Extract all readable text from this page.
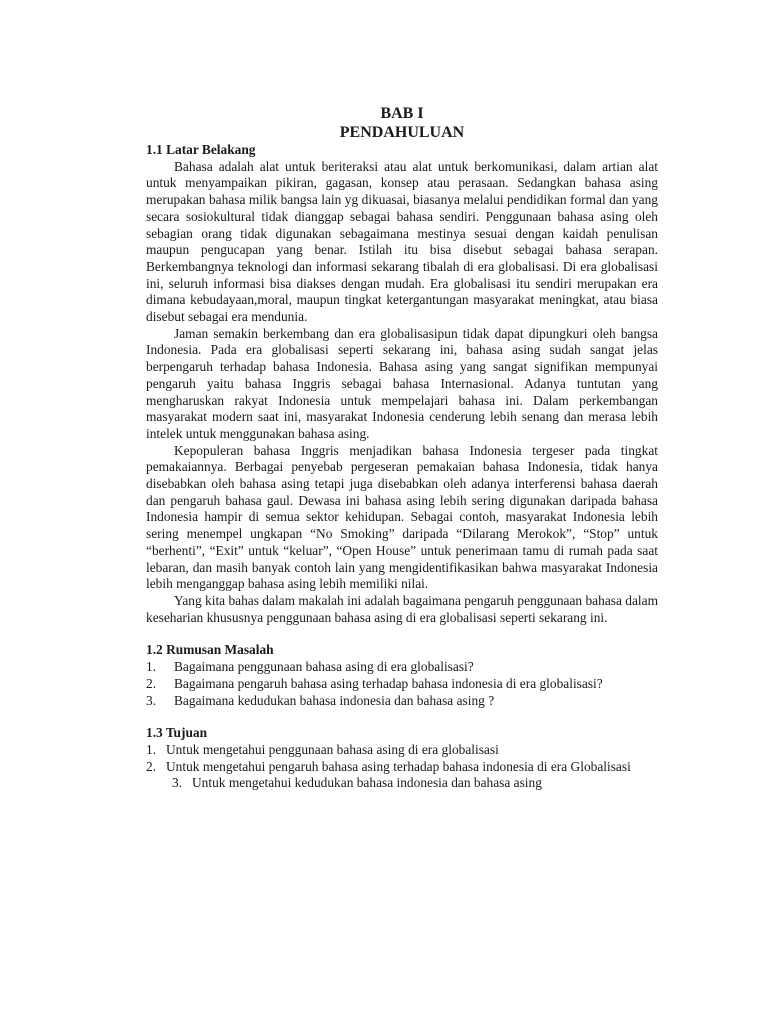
BAB I

PENDAHULUAN

1.1 Latar Belakang

Bahasa adalah alat untuk beriteraksi atau alat untuk berkomunikasi, dalam artian alat untuk menyampaikan pikiran, gagasan, konsep atau perasaan. Sedangkan bahasa asing merupakan bahasa milik bangsa lain yg dikuasai, biasanya melalui pendidikan formal dan yang secara sosiokultural tidak dianggap sebagai bahasa sendiri. Penggunaan bahasa asing oleh sebagian orang tidak digunakan sebagaimana mestinya sesuai dengan kaidah penulisan maupun pengucapan yang benar. Istilah itu bisa disebut sebagai bahasa serapan. Berkembangnya teknologi dan informasi sekarang tibalah di era globalisasi. Di era globalisasi ini, seluruh informasi bisa diakses dengan mudah. Era globalisasi itu sendiri merupakan era dimana kebudayaan,moral, maupun tingkat ketergantungan masyarakat meningkat, atau biasa disebut sebagai era mendunia.

Jaman semakin berkembang dan era globalisasipun tidak dapat dipungkuri oleh bangsa Indonesia. Pada era globalisasi seperti sekarang ini, bahasa asing sudah sangat jelas berpengaruh terhadap bahasa Indonesia. Bahasa asing yang sangat signifikan mempunyai pengaruh yaitu bahasa Inggris sebagai bahasa Internasional. Adanya tuntutan yang mengharuskan rakyat Indonesia untuk mempelajari bahasa ini. Dalam perkembangan masyarakat modern saat ini, masyarakat Indonesia cenderung lebih senang dan merasa lebih intelek untuk menggunakan bahasa asing.

Kepopuleran bahasa Inggris menjadikan bahasa Indonesia tergeser pada tingkat pemakaiannya. Berbagai penyebab pergeseran pemakaian bahasa Indonesia, tidak hanya disebabkan oleh bahasa asing tetapi juga disebabkan oleh adanya interferensi bahasa daerah dan pengaruh bahasa gaul. Dewasa ini bahasa asing lebih sering digunakan daripada bahasa Indonesia hampir di semua sektor kehidupan. Sebagai contoh, masyarakat Indonesia lebih sering menempel ungkapan “No Smoking” daripada “Dilarang Merokok”, “Stop” untuk “berhenti”, “Exit” untuk “keluar”, “Open House” untuk penerimaan tamu di rumah pada saat lebaran, dan masih banyak contoh lain yang mengidentifikasikan bahwa masyarakat Indonesia lebih menganggap bahasa asing lebih memiliki nilai.

Yang kita bahas dalam makalah ini adalah bagaimana pengaruh penggunaan bahasa dalam keseharian khususnya penggunaan bahasa asing di era globalisasi seperti sekarang ini.

1.2 Rumusan Masalah

1. Bagaimana penggunaan bahasa asing di era globalisasi?
2. Bagaimana pengaruh bahasa asing terhadap bahasa indonesia di era globalisasi?
3. Bagaimana kedudukan bahasa indonesia dan bahasa asing ?

1.3 Tujuan

1. Untuk mengetahui penggunaan bahasa asing di era globalisasi
2. Untuk mengetahui pengaruh bahasa asing terhadap bahasa indonesia di era Globalisasi
3. Untuk mengetahui kedudukan bahasa indonesia dan bahasa asing
